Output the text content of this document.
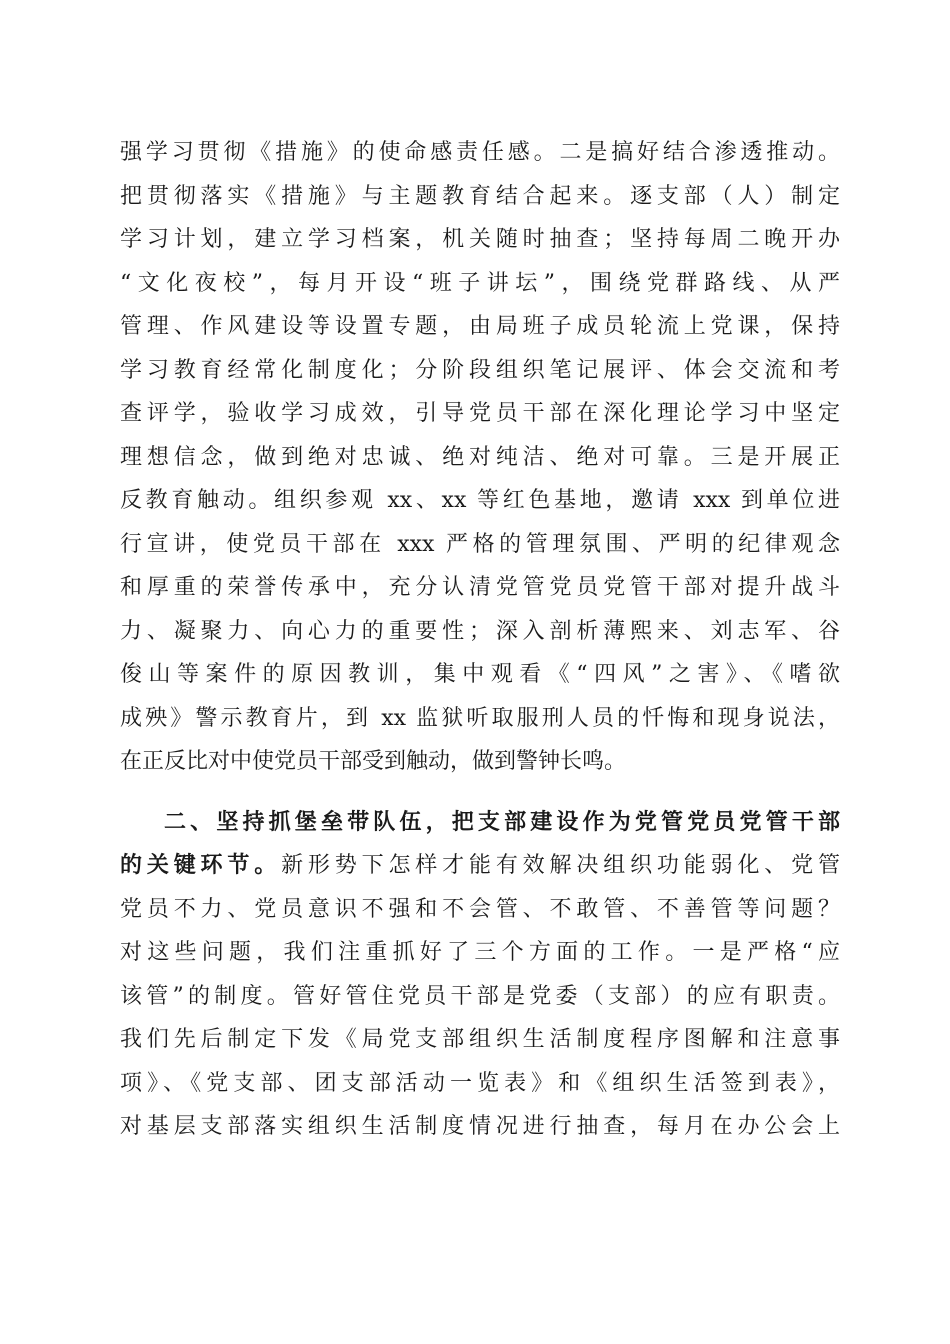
强学习贯彻《措施》的使命感责任感。二是搞好结合渗透推动。
把贯彻落实《措施》与主题教育结合起来。逐支部（人）制定
学习计划，建立学习档案，机关随时抽查；坚持每周二晚开办
“文化夜校”，每月开设“班子讲坛”，围绕党群路线、从严
管理、作风建设等设置专题，由局班子成员轮流上党课，保持
学习教育经常化制度化；分阶段组织笔记展评、体会交流和考
查评学，验收学习成效，引导党员干部在深化理论学习中坚定
理想信念，做到绝对忠诚、绝对纯洁、绝对可靠。三是开展正
反教育触动。组织参观 xx、xx 等红色基地，邀请 xxx 到单位进
行宣讲，使党员干部在 xxx 严格的管理氛围、严明的纪律观念
和厚重的荣誉传承中，充分认清党管党员党管干部对提升战斗
力、凝聚力、向心力的重要性；深入剖析薄熙来、刘志军、谷
俊山等案件的原因教训，集中观看《“四风”之害》、《嗜欲
成殃》警示教育片，到 xx 监狱听取服刑人员的忏悔和现身说法，
在正反比对中使党员干部受到触动，做到警钟长鸣。
二、坚持抓堡垒带队伍，把支部建设作为党管党员党管干部
的关键环节。新形势下怎样才能有效解决组织功能弱化、党管
党员不力、党员意识不强和不会管、不敢管、不善管等问题？
对这些问题，我们注重抓好了三个方面的工作。一是严格“应
该管”的制度。管好管住党员干部是党委（支部）的应有职责。
我们先后制定下发《局党支部组织生活制度程序图解和注意事
项》、《党支部、团支部活动一览表》和《组织生活签到表》，
对基层支部落实组织生活制度情况进行抽查，每月在办公会上
